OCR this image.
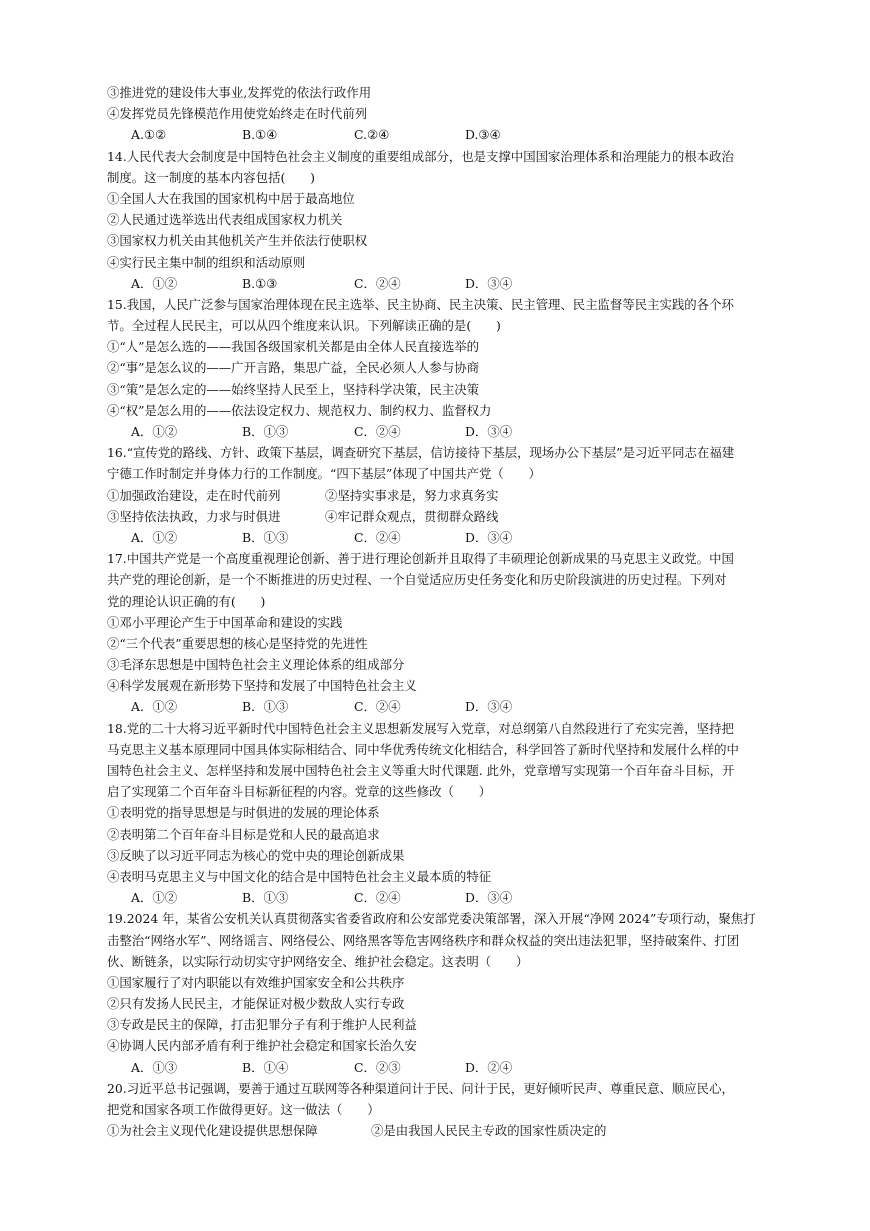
③推进党的建设伟大事业,发挥党的依法行政作用
④发挥党员先锋模范作用使党始终走在时代前列
A.①②	B.①④	C.②④	D.③④
14.人民代表大会制度是中国特色社会主义制度的重要组成部分，也是支撑中国国家治理体系和治理能力的根本政治
制度。这一制度的基本内容包括(　　)
①全国人大在我国的国家机构中居于最高地位
②人民通过选举选出代表组成国家权力机关
③国家权力机关由其他机关产生并依法行使职权
④实行民主集中制的组织和活动原则
A．①②	B.①③	C．②④	D．③④
15.我国，人民广泛参与国家治理体现在民主选举、民主协商、民主决策、民主管理、民主监督等民主实践的各个环
节。全过程人民民主，可以从四个维度来认识。下列解读正确的是(　　)
①“人”是怎么选的——我国各级国家机关都是由全体人民直接选举的
②“事”是怎么议的——广开言路，集思广益，全民必须人人参与协商
③“策”是怎么定的——始终坚持人民至上，坚持科学决策，民主决策
④“权”是怎么用的——依法设定权力、规范权力、制约权力、监督权力
A．①②	B．①③	C．②④	D．③④
16.“宣传党的路线、方针、政策下基层，调查研究下基层，信访接待下基层，现场办公下基层”是习近平同志在福建
宁德工作时制定并身体力行的工作制度。“四下基层”体现了中国共产党（　　）
①加强政治建设，走在时代前列	②坚持实事求是，努力求真务实
③坚持依法执政，力求与时俱进	④牢记群众观点，贯彻群众路线
A．①②	B．①③	C．②④	D．③④
17.中国共产党是一个高度重视理论创新、善于进行理论创新并且取得了丰硕理论创新成果的马克思主义政党。中国
共产党的理论创新，是一个不断推进的历史过程、一个自觉适应历史任务变化和历史阶段演进的历史过程。下列对
党的理论认识正确的有(　　)
①邓小平理论产生于中国革命和建设的实践
②“三个代表”重要思想的核心是坚持党的先进性
③毛泽东思想是中国特色社会主义理论体系的组成部分
④科学发展观在新形势下坚持和发展了中国特色社会主义
A．①②	B．①③	C．②④	D．③④
18.党的二十大将习近平新时代中国特色社会主义思想新发展写入党章，对总纲第八自然段进行了充实完善，坚持把
马克思主义基本原理同中国具体实际相结合、同中华优秀传统文化相结合，科学回答了新时代坚持和发展什么样的中
国特色社会主义、怎样坚持和发展中国特色社会主义等重大时代课题. 此外，党章增写实现第一个百年奋斗目标，开
启了实现第二个百年奋斗目标新征程的内容。党章的这些修改（　　）
①表明党的指导思想是与时俱进的发展的理论体系
②表明第二个百年奋斗目标是党和人民的最高追求
③反映了以习近平同志为核心的党中央的理论创新成果
④表明马克思主义与中国文化的结合是中国特色社会主义最本质的特征
A．①②	B．①③	C．②④	D．③④
19.2024 年，某省公安机关认真贯彻落实省委省政府和公安部党委决策部署，深入开展“净网 2024”专项行动，聚焦打
击整治“网络水军”、网络谣言、网络侵公、网络黑客等危害网络秩序和群众权益的突出违法犯罪，坚持破案件、打团
伙、断链条，以实际行动切实守护网络安全、维护社会稳定。这表明（　　）
①国家履行了对内职能以有效维护国家安全和公共秩序
②只有发扬人民民主，才能保证对极少数敌人实行专政
③专政是民主的保障，打击犯罪分子有利于维护人民利益
④协调人民内部矛盾有利于维护社会稳定和国家长治久安
A．①③	B．①④	C．②③	D．②④
20.习近平总书记强调，要善于通过互联网等各种渠道问计于民、问计于民，更好倾听民声、尊重民意、顺应民心，
把党和国家各项工作做得更好。这一做法（　　）
①为社会主义现代化建设提供思想保障	②是由我国人民民主专政的国家性质决定的
